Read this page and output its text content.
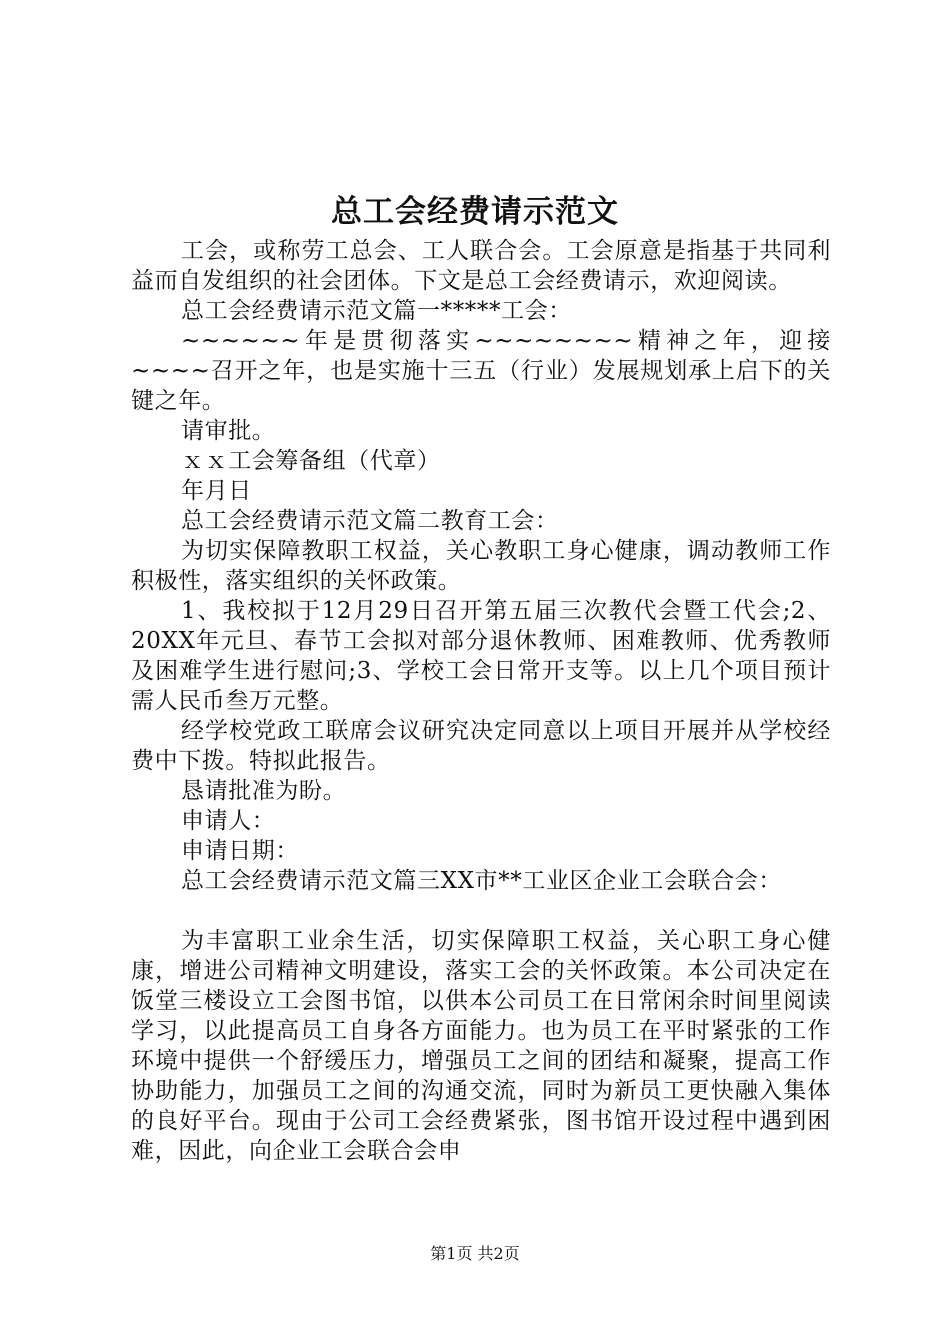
总工会经费请示范文

工会，或称劳工总会、工人联合会。工会原意是指基于共同利益而自发组织的社会团体。下文是总工会经费请示，欢迎阅读。

总工会经费请示范文篇一*****工会：

~~~~~~年是贯彻落实~~~~~~~~精神之年，迎接~~~~召开之年，也是实施十三五（行业）发展规划承上启下的关键之年。

请审批。

ｘｘ工会筹备组（代章）

年月日

总工会经费请示范文篇二教育工会：

为切实保障教职工权益，关心教职工身心健康，调动教师工作积极性，落实组织的关怀政策。

1、我校拟于12月29日召开第五届三次教代会暨工代会;2、20XX年元旦、春节工会拟对部分退休教师、困难教师、优秀教师及困难学生进行慰问;3、学校工会日常开支等。以上几个项目预计需人民币叁万元整。

经学校党政工联席会议研究决定同意以上项目开展并从学校经费中下拨。特拟此报告。

恳请批准为盼。

申请人：

申请日期：

总工会经费请示范文篇三XX市**工业区企业工会联合会：

为丰富职工业余生活，切实保障职工权益，关心职工身心健康，增进公司精神文明建设，落实工会的关怀政策。本公司决定在饭堂三楼设立工会图书馆，以供本公司员工在日常闲余时间里阅读学习，以此提高员工自身各方面能力。也为员工在平时紧张的工作环境中提供一个舒缓压力，增强员工之间的团结和凝聚，提高工作协助能力，加强员工之间的沟通交流，同时为新员工更快融入集体的良好平台。现由于公司工会经费紧张，图书馆开设过程中遇到困难，因此，向企业工会联合会申

第1页 共2页
